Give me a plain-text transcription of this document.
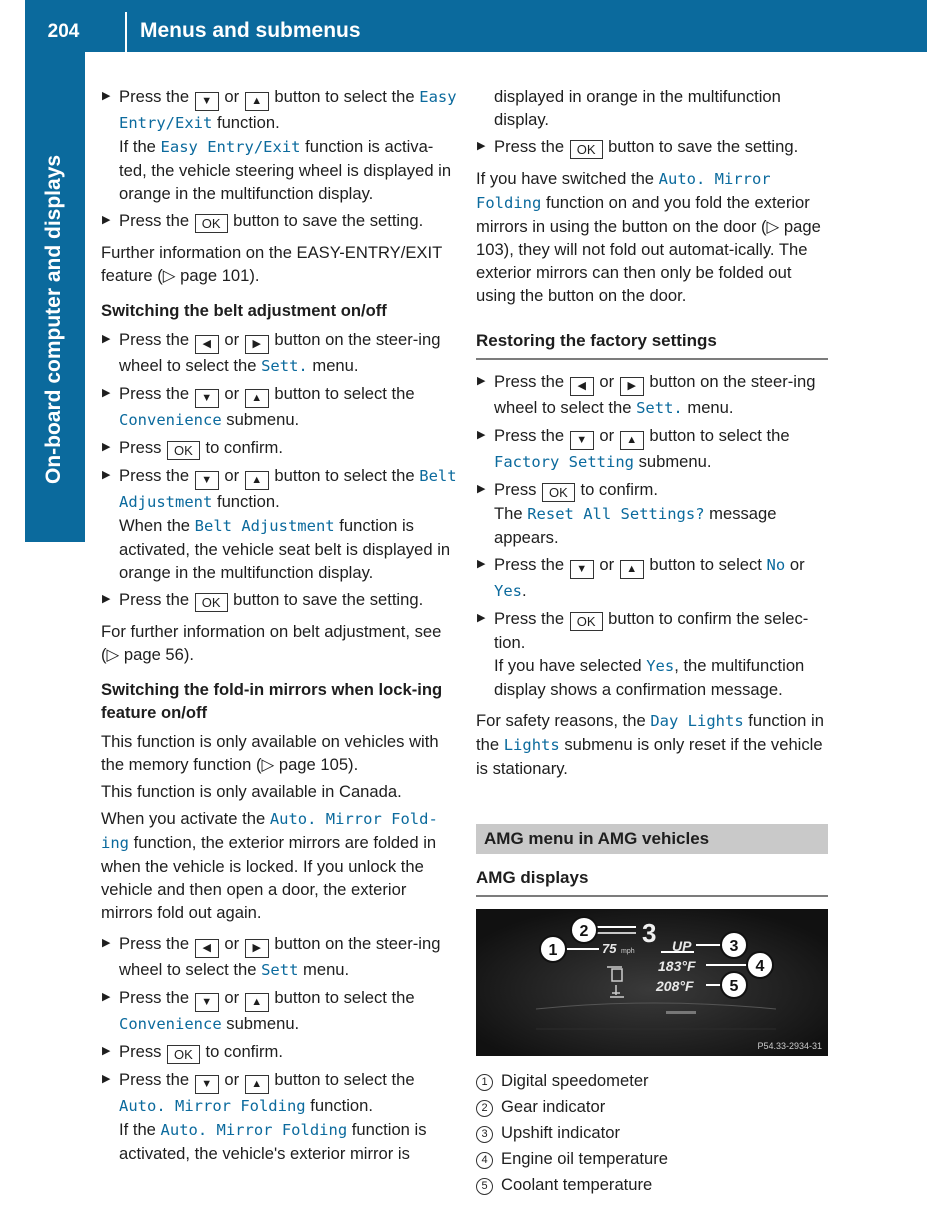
204	Menus and submenus
On-board computer and displays
▶ Press the ▼ or ▲ button to select the Easy Entry/Exit function.
If the Easy Entry/Exit function is activa-ted, the vehicle steering wheel is displayed in orange in the multifunction display.
▶ Press the OK button to save the setting.

Further information on the EASY-ENTRY/EXIT feature (▷ page 101).

Switching the belt adjustment on/off
▶ Press the ◀ or ▶ button on the steer-ing wheel to select the Sett. menu.
▶ Press the ▼ or ▲ button to select the Convenience submenu.
▶ Press OK to confirm.
▶ Press the ▼ or ▲ button to select the Belt Adjustment function.
When the Belt Adjustment function is activated, the vehicle seat belt is displayed in orange in the multifunction display.
▶ Press the OK button to save the setting.

For further information on belt adjustment, see (▷ page 56).

Switching the fold-in mirrors when lock-ing feature on/off

This function is only available on vehicles with the memory function (▷ page 105).

This function is only available in Canada.

When you activate the Auto. Mirror Fold-ing function, the exterior mirrors are folded in when the vehicle is locked. If you unlock the vehicle and then open a door, the exterior mirrors fold out again.

▶ Press the ◀ or ▶ button on the steer-ing wheel to select the Sett menu.
▶ Press the ▼ or ▲ button to select the Convenience submenu.
▶ Press OK to confirm.
▶ Press the ▼ or ▲ button to select the Auto. Mirror Folding function.
If the Auto. Mirror Folding function is activated, the vehicle's exterior mirror is
displayed in orange in the multifunction display.
▶ Press the OK button to save the setting.

If you have switched the Auto. Mirror Folding function on and you fold the exterior mirrors in using the button on the door (▷ page 103), they will not fold out automat-ically. The exterior mirrors can then only be folded out using the button on the door.

Restoring the factory settings
▶ Press the ◀ or ▶ button on the steer-ing wheel to select the Sett. menu.
▶ Press the ▼ or ▲ button to select the Factory Setting submenu.
▶ Press OK to confirm.
The Reset All Settings? message appears.
▶ Press the ▼ or ▲ button to select No or Yes.
▶ Press the OK button to confirm the selec-tion.
If you have selected Yes, the multifunction display shows a confirmation message.

For safety reasons, the Day Lights function in the Lights submenu is only reset if the vehicle is stationary.

AMG menu in AMG vehicles
AMG displays
1
2
3
4
5
75 mph
3 UP
183°F
208°F
P54.33-2934-31
1 Digital speedometer
2 Gear indicator
3 Upshift indicator
4 Engine oil temperature
5 Coolant temperature
